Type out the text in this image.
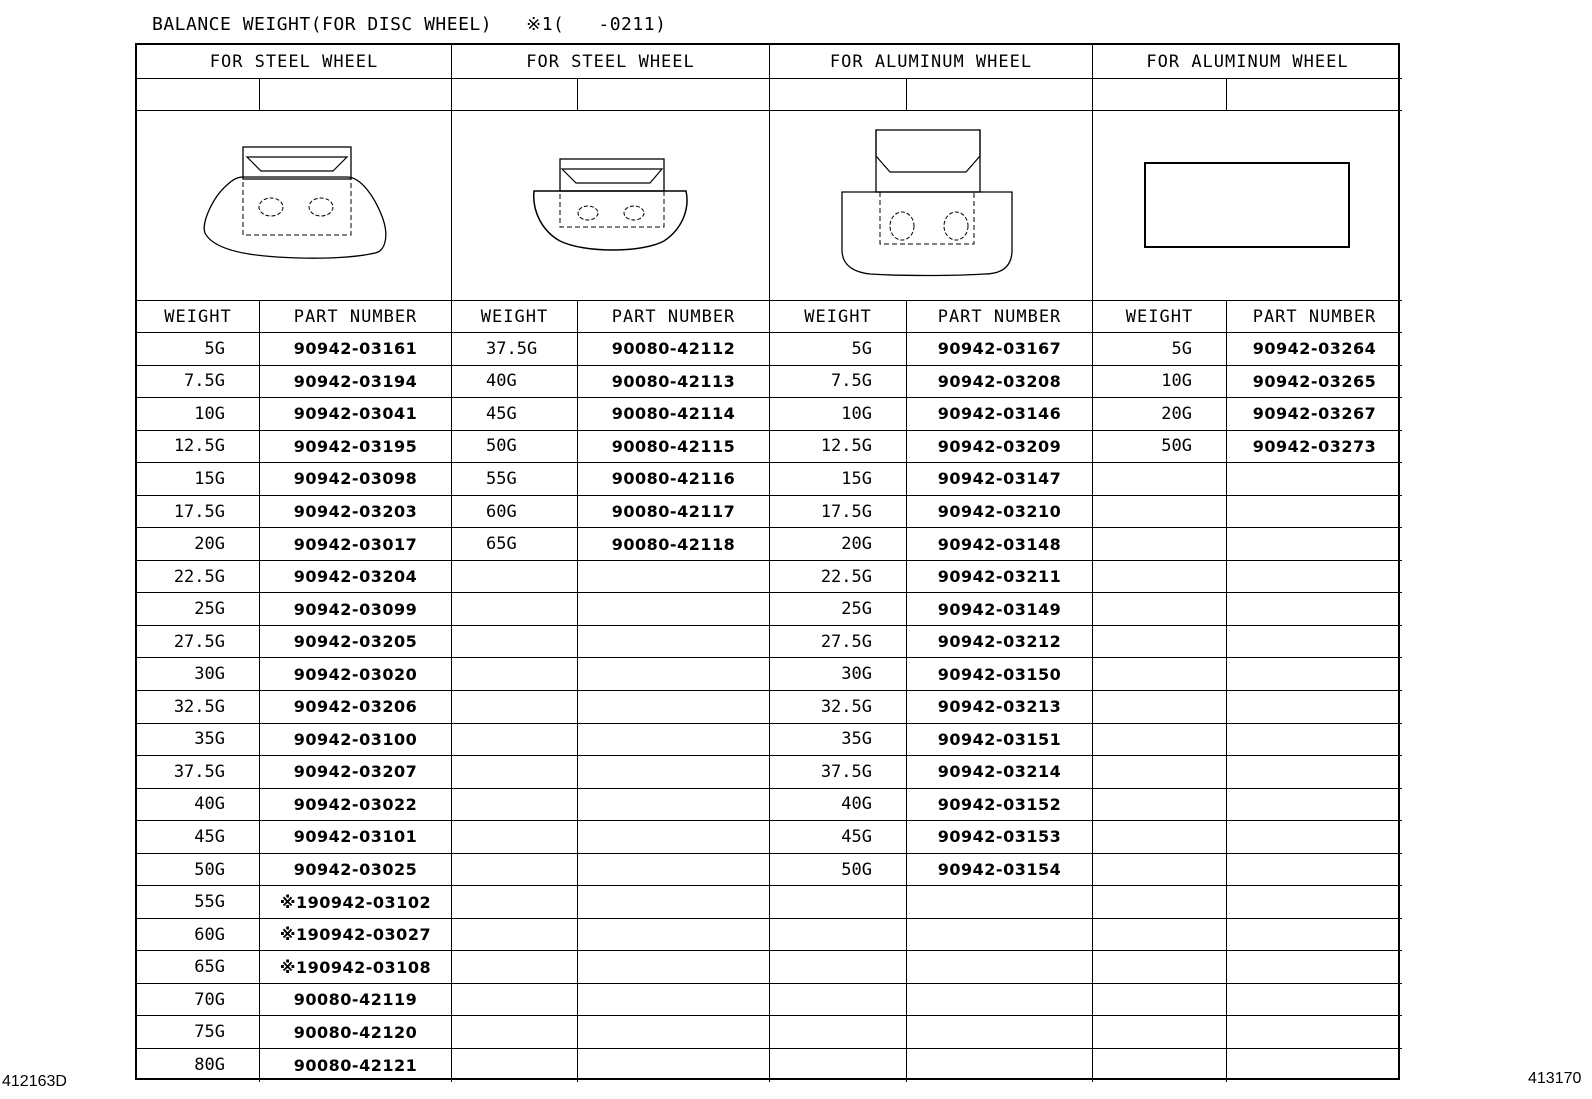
BALANCE WEIGHT(FOR DISC WHEEL)   ※1(   -0211)
FOR STEEL WHEEL
WEIGHT	PART NUMBER
5G	90942-03161
7.5G	90942-03194
10G	90942-03041
12.5G	90942-03195
15G	90942-03098
17.5G	90942-03203
20G	90942-03017
22.5G	90942-03204
25G	90942-03099
27.5G	90942-03205
30G	90942-03020
32.5G	90942-03206
35G	90942-03100
37.5G	90942-03207
40G	90942-03022
45G	90942-03101
50G	90942-03025
55G	※190942-03102
60G	※190942-03027
65G	※190942-03108
70G	90080-42119
75G	90080-42120
80G	90080-42121
FOR STEEL WHEEL
WEIGHT	PART NUMBER
37.5G	90080-42112
40G	90080-42113
45G	90080-42114
50G	90080-42115
55G	90080-42116
60G	90080-42117
65G	90080-42118
FOR ALUMINUM WHEEL
WEIGHT	PART NUMBER
5G	90942-03167
7.5G	90942-03208
10G	90942-03146
12.5G	90942-03209
15G	90942-03147
17.5G	90942-03210
20G	90942-03148
22.5G	90942-03211
25G	90942-03149
27.5G	90942-03212
30G	90942-03150
32.5G	90942-03213
35G	90942-03151
37.5G	90942-03214
40G	90942-03152
45G	90942-03153
50G	90942-03154
FOR ALUMINUM WHEEL
WEIGHT	PART NUMBER
5G	90942-03264
10G	90942-03265
20G	90942-03267
50G	90942-03273
412163D	413170
